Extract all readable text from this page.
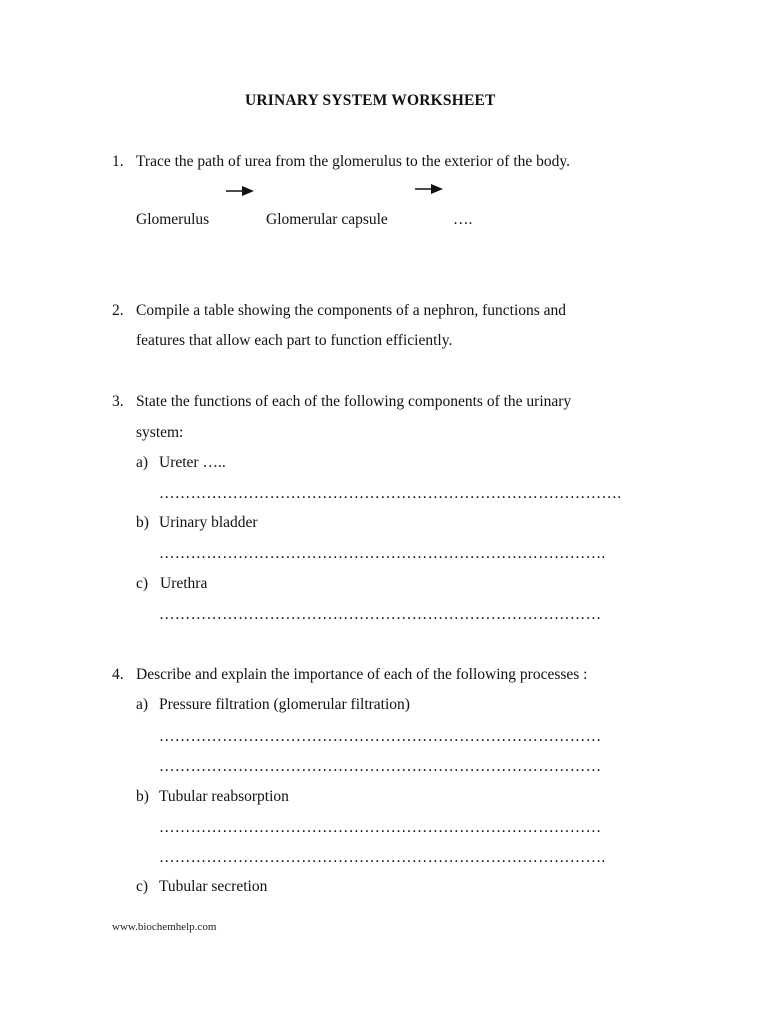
URINARY SYSTEM WORKSHEET
1. Trace the path of urea from the glomerulus to the exterior of the body.
Glomerulus	Glomerular capsule	….
2. Compile a table showing the components of a nephron, functions and
features that allow each part to function efficiently.
3. State the functions of each of the following components of the urinary
system:
a) Ureter …..
…………………………………………………………………………….
b) Urinary bladder
………………………………………………………………………….
c) Urethra
…………………………………………………………………………
4. Describe and explain the importance of each of the following processes :
a) Pressure filtration (glomerular filtration)
…………………………………………………………………………
…………………………………………………………………………
b) Tubular reabsorption
…………………………………………………………………………
………………………………………………………………………….
c) Tubular secretion
www.biochemhelp.com
